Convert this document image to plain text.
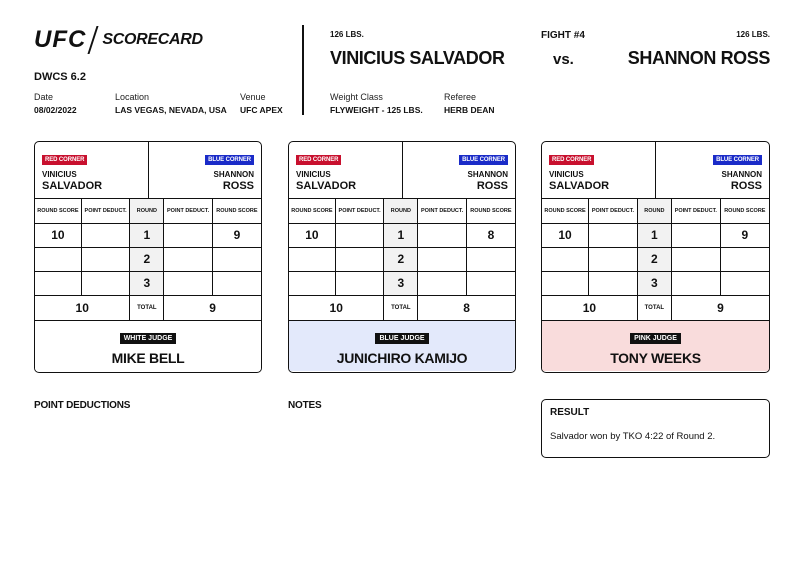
UFC SCORECARD
DWCS 6.2
Date
08/02/2022
Location
LAS VEGAS, NEVADA, USA
Venue
UFC APEX
126 LBS.
VINICIUS SALVADOR
FIGHT #4
vs.
126 LBS.
SHANNON ROSS
Weight Class
FLYWEIGHT - 125 LBS.
Referee
HERB DEAN
RED CORNER
VINICIUS
SALVADOR
BLUE CORNER
SHANNON
ROSS
ROUND SCORE	POINT DEDUCT.	ROUND	POINT DEDUCT.	ROUND SCORE
10		1		9
		2		
		3		
10		TOTAL	9	
WHITE JUDGE
MIKE BELL
RED CORNER
VINICIUS
SALVADOR
BLUE CORNER
SHANNON
ROSS
ROUND SCORE	POINT DEDUCT.	ROUND	POINT DEDUCT.	ROUND SCORE
10		1		8
		2		
		3		
10		TOTAL	8	
BLUE JUDGE
JUNICHIRO KAMIJO
RED CORNER
VINICIUS
SALVADOR
BLUE CORNER
SHANNON
ROSS
ROUND SCORE	POINT DEDUCT.	ROUND	POINT DEDUCT.	ROUND SCORE
10		1		9
		2		
		3		
10		TOTAL	9	
PINK JUDGE
TONY WEEKS
POINT DEDUCTIONS	NOTES
RESULT
Salvador won by TKO 4:22 of Round 2.
